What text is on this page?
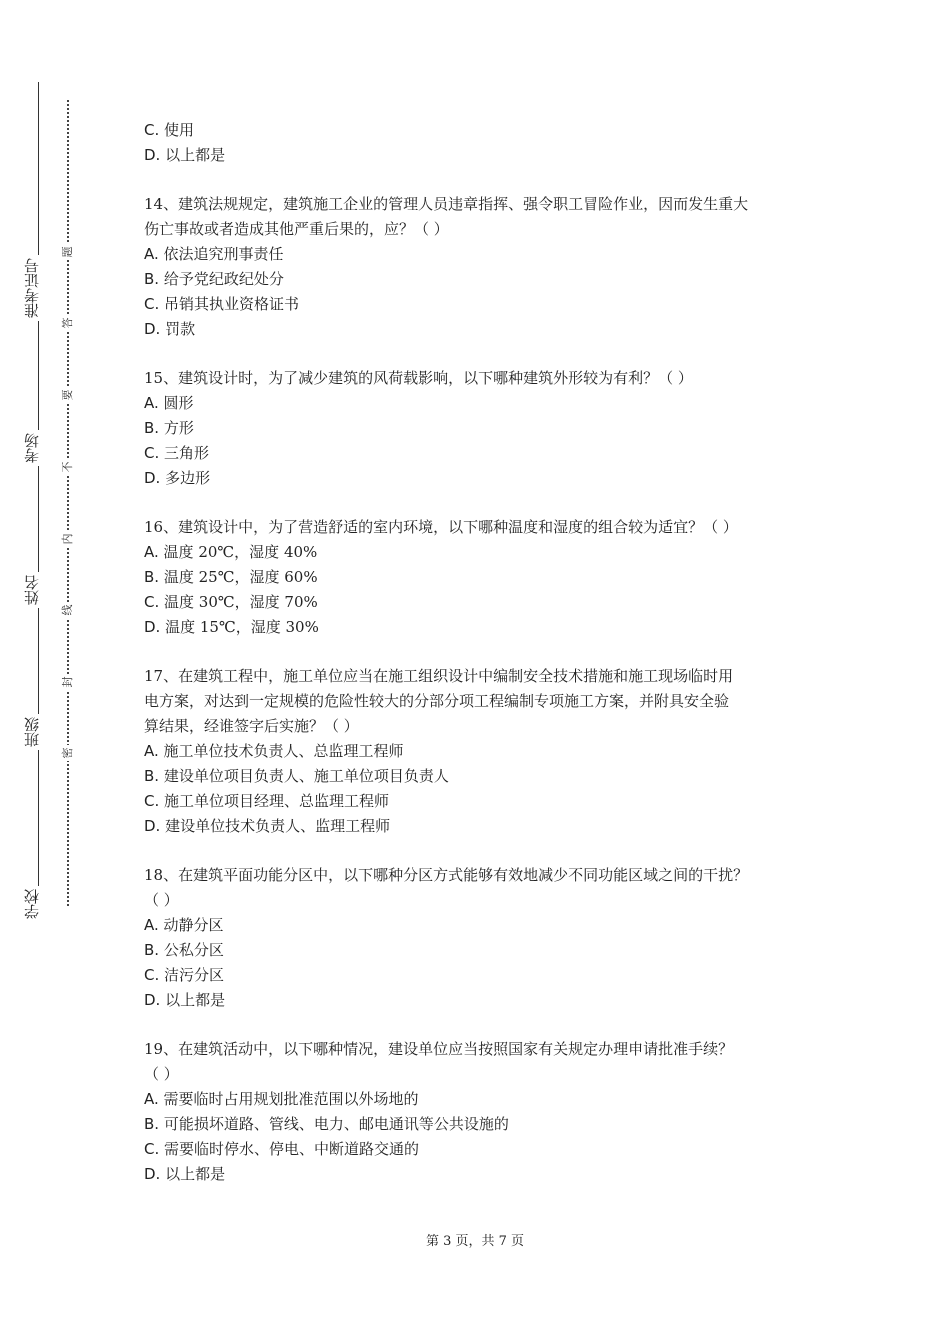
准考证号
考场
姓名
班级
学校
题
答
要
不
内
线
封
密
C. 使用
D. 以上都是
14、建筑法规规定，建筑施工企业的管理人员违章指挥、强令职工冒险作业，因而发生重大
伤亡事故或者造成其他严重后果的，应？（ ）
A. 依法追究刑事责任
B. 给予党纪政纪处分
C. 吊销其执业资格证书
D. 罚款
15、建筑设计时，为了减少建筑的风荷载影响，以下哪种建筑外形较为有利？（ ）
A. 圆形
B. 方形
C. 三角形
D. 多边形
16、建筑设计中，为了营造舒适的室内环境，以下哪种温度和湿度的组合较为适宜？（ ）
A. 温度 20℃，湿度 40%
B. 温度 25℃，湿度 60%
C. 温度 30℃，湿度 70%
D. 温度 15℃，湿度 30%
17、在建筑工程中，施工单位应当在施工组织设计中编制安全技术措施和施工现场临时用
电方案，对达到一定规模的危险性较大的分部分项工程编制专项施工方案，并附具安全验
算结果，经谁签字后实施？（ ）
A. 施工单位技术负责人、总监理工程师
B. 建设单位项目负责人、施工单位项目负责人
C. 施工单位项目经理、总监理工程师
D. 建设单位技术负责人、监理工程师
18、在建筑平面功能分区中，以下哪种分区方式能够有效地减少不同功能区域之间的干扰？
（ ）
A. 动静分区
B. 公私分区
C. 洁污分区
D. 以上都是
19、在建筑活动中，以下哪种情况，建设单位应当按照国家有关规定办理申请批准手续？
（ ）
A. 需要临时占用规划批准范围以外场地的
B. 可能损坏道路、管线、电力、邮电通讯等公共设施的
C. 需要临时停水、停电、中断道路交通的
D. 以上都是
第 3 页，共 7 页
